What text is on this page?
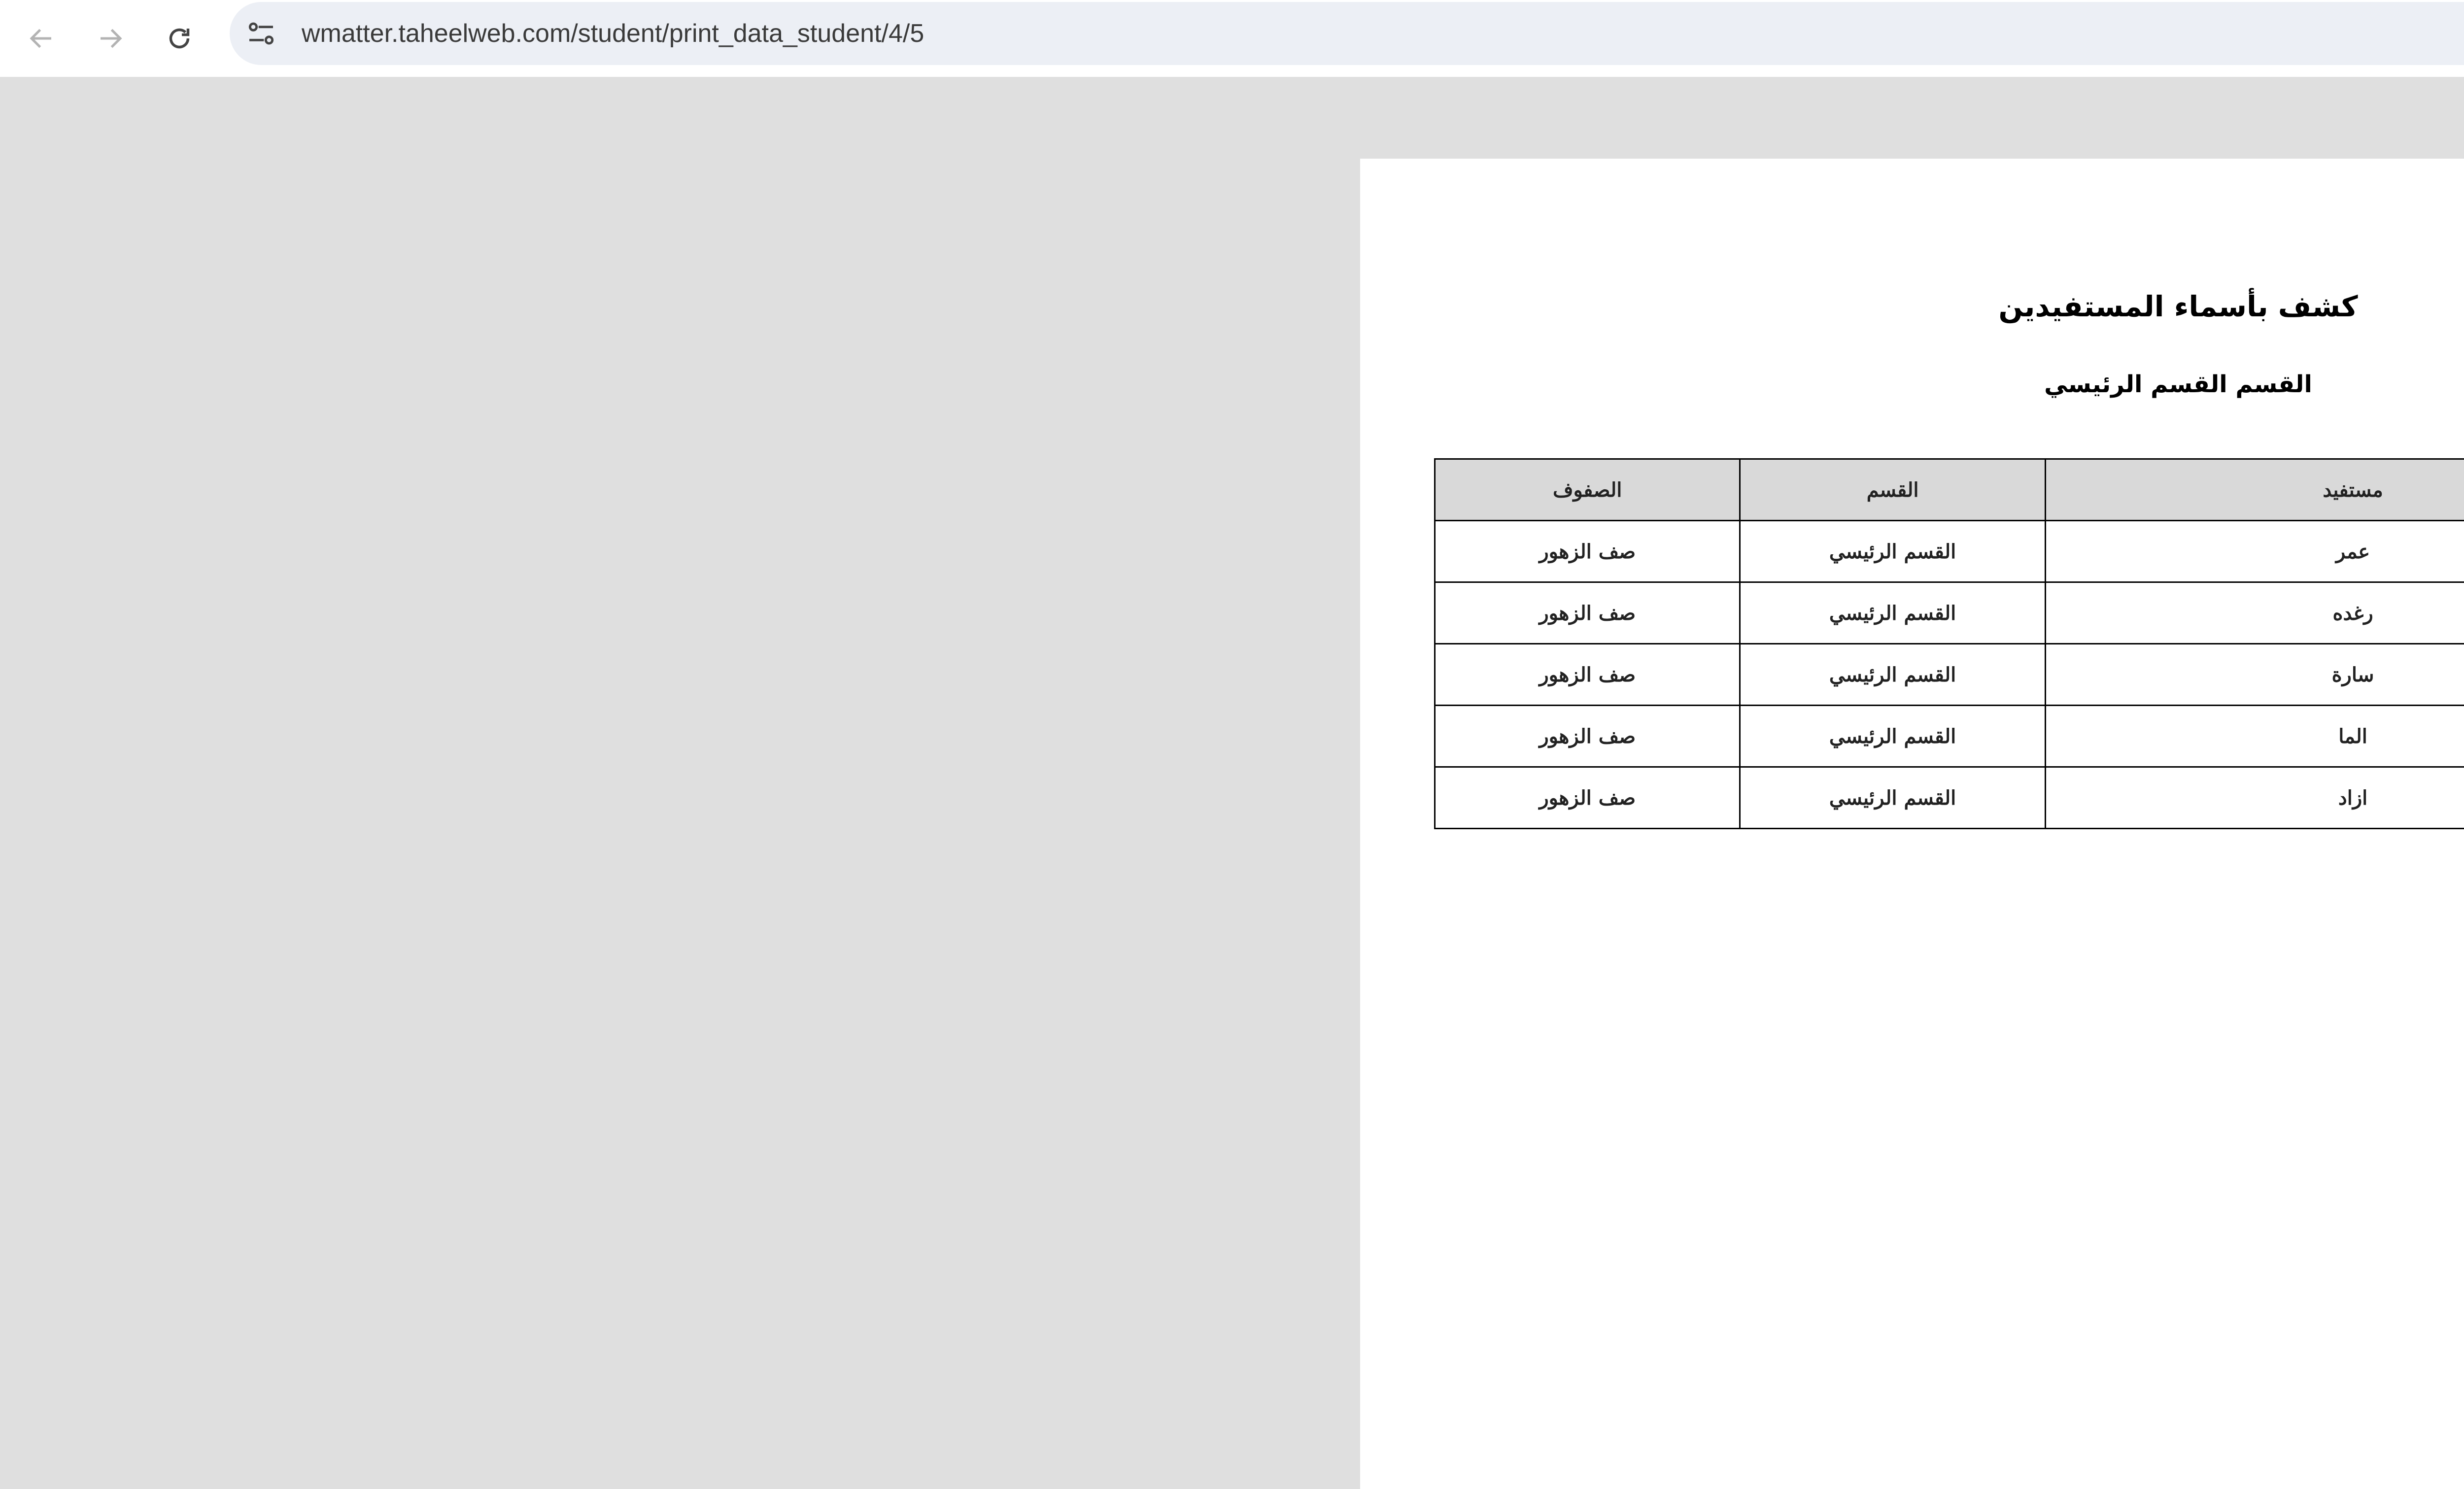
wmatter.taheelweb.com/student/print_data_student/4/5

كشف بأسماء المستفيدين
القسم القسم الرئيسي
	مستفيد	القسم	الصفوف
	عمر	القسم الرئيسي	صف الزهور
	رغده	القسم الرئيسي	صف الزهور
	سارة	القسم الرئيسي	صف الزهور
	الما	القسم الرئيسي	صف الزهور
	ازاد	القسم الرئيسي	صف الزهور
